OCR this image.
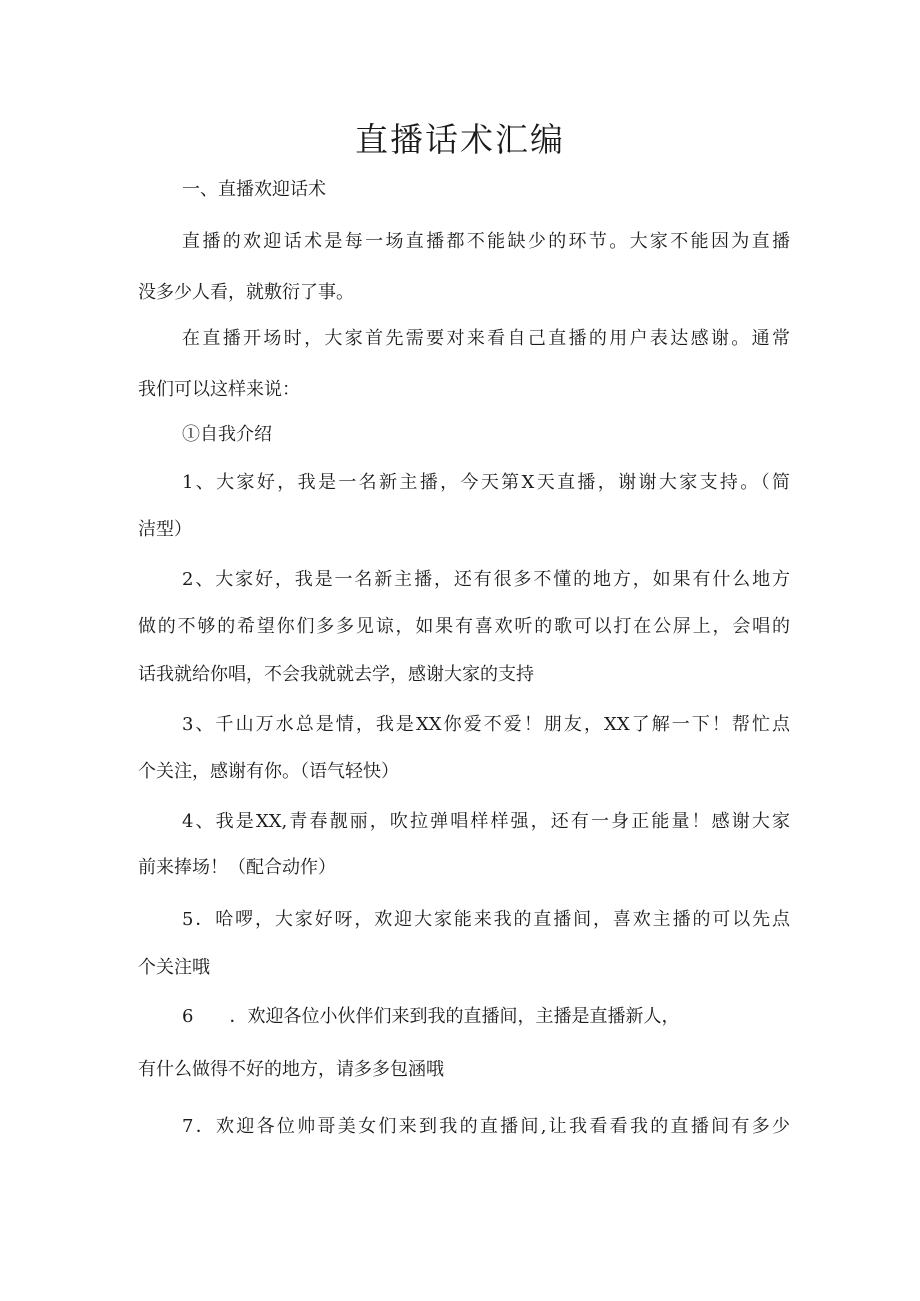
直播话术汇编
一、直播欢迎话术
直播的欢迎话术是每一场直播都不能缺少的环节。大家不能因为直播
没多少人看，就敷衍了事。
在直播开场时，大家首先需要对来看自己直播的用户表达感谢。通常
我们可以这样来说：
①自我介绍
1、大家好，我是一名新主播，今天第X天直播，谢谢大家支持。（简
洁型）
2、大家好，我是一名新主播，还有很多不懂的地方，如果有什么地方
做的不够的希望你们多多见谅，如果有喜欢听的歌可以打在公屏上，会唱的
话我就给你唱，不会我就就去学，感谢大家的支持
3、千山万水总是情，我是XX你爱不爱！朋友，XX了解一下！帮忙点
个关注，感谢有你。（语气轻快）
4、我是XX,青春靓丽，吹拉弹唱样样强，还有一身正能量！感谢大家
前来捧场！（配合动作）
5．哈啰，大家好呀，欢迎大家能来我的直播间，喜欢主播的可以先点
个关注哦
6　　．欢迎各位小伙伴们来到我的直播间，主播是直播新人，
有什么做得不好的地方，请多多包涵哦
7．欢迎各位帅哥美女们来到我的直播间,让我看看我的直播间有多少
